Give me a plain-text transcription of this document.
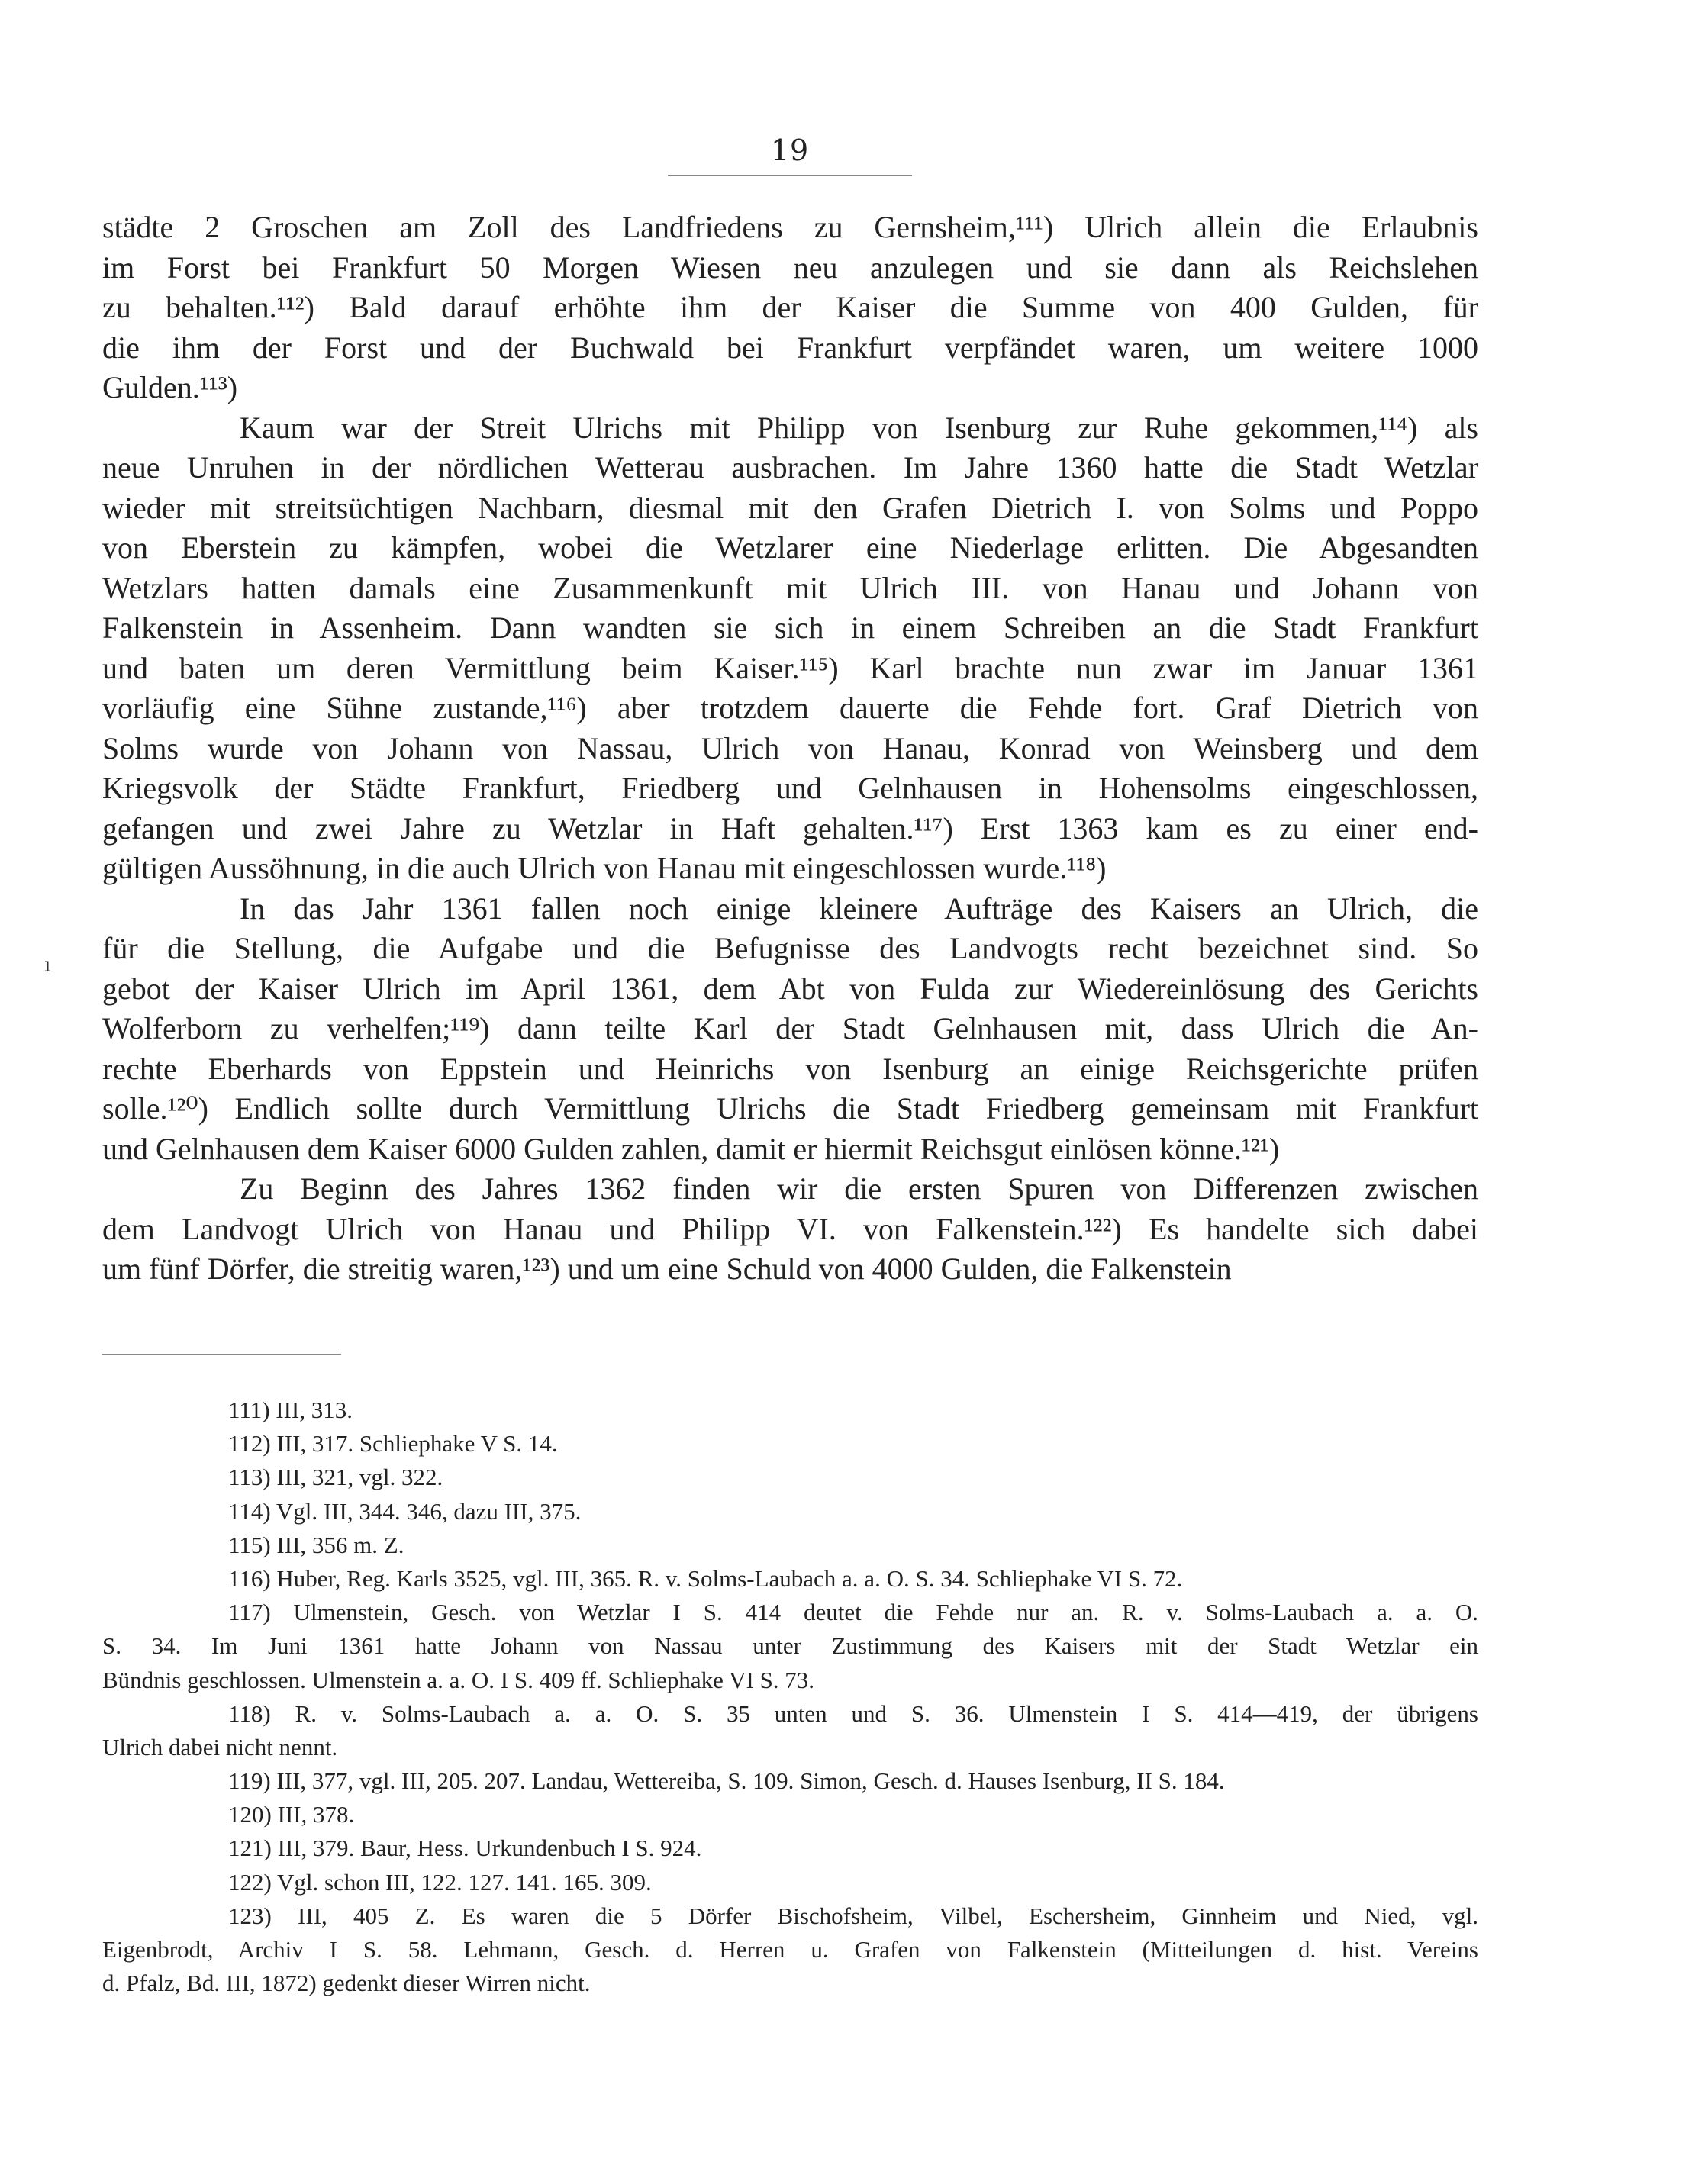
19
ı
städte 2 Groschen am Zoll des Landfriedens zu Gernsheim,¹¹¹) Ulrich allein die Erlaubnis
im Forst bei Frankfurt 50 Morgen Wiesen neu anzulegen und sie dann als Reichslehen
zu behalten.¹¹²) Bald darauf erhöhte ihm der Kaiser die Summe von 400 Gulden, für
die ihm der Forst und der Buchwald bei Frankfurt verpfändet waren, um weitere 1000
Gulden.¹¹³)
Kaum war der Streit Ulrichs mit Philipp von Isenburg zur Ruhe gekommen,¹¹⁴) als
neue Unruhen in der nördlichen Wetterau ausbrachen. Im Jahre 1360 hatte die Stadt Wetzlar
wieder mit streitsüchtigen Nachbarn, diesmal mit den Grafen Dietrich I. von Solms und Poppo
von Eberstein zu kämpfen, wobei die Wetzlarer eine Niederlage erlitten. Die Abgesandten
Wetzlars hatten damals eine Zusammenkunft mit Ulrich III. von Hanau und Johann von
Falkenstein in Assenheim. Dann wandten sie sich in einem Schreiben an die Stadt Frankfurt
und baten um deren Vermittlung beim Kaiser.¹¹⁵) Karl brachte nun zwar im Januar 1361
vorläufig eine Sühne zustande,¹¹⁶) aber trotzdem dauerte die Fehde fort. Graf Dietrich von
Solms wurde von Johann von Nassau, Ulrich von Hanau, Konrad von Weinsberg und dem
Kriegsvolk der Städte Frankfurt, Friedberg und Gelnhausen in Hohensolms eingeschlossen,
gefangen und zwei Jahre zu Wetzlar in Haft gehalten.¹¹⁷) Erst 1363 kam es zu einer end-
gültigen Aussöhnung, in die auch Ulrich von Hanau mit eingeschlossen wurde.¹¹⁸)
In das Jahr 1361 fallen noch einige kleinere Aufträge des Kaisers an Ulrich, die
für die Stellung, die Aufgabe und die Befugnisse des Landvogts recht bezeichnet sind. So
gebot der Kaiser Ulrich im April 1361, dem Abt von Fulda zur Wiedereinlösung des Gerichts
Wolferborn zu verhelfen;¹¹⁹) dann teilte Karl der Stadt Gelnhausen mit, dass Ulrich die An-
rechte Eberhards von Eppstein und Heinrichs von Isenburg an einige Reichsgerichte prüfen
solle.¹²⁰) Endlich sollte durch Vermittlung Ulrichs die Stadt Friedberg gemeinsam mit Frankfurt
und Gelnhausen dem Kaiser 6000 Gulden zahlen, damit er hiermit Reichsgut einlösen könne.¹²¹)
Zu Beginn des Jahres 1362 finden wir die ersten Spuren von Differenzen zwischen
dem Landvogt Ulrich von Hanau und Philipp VI. von Falkenstein.¹²²) Es handelte sich dabei
um fünf Dörfer, die streitig waren,¹²³) und um eine Schuld von 4000 Gulden, die Falkenstein
111) III, 313.
112) III, 317. Schliephake V S. 14.
113) III, 321, vgl. 322.
114) Vgl. III, 344. 346, dazu III, 375.
115) III, 356 m. Z.
116) Huber, Reg. Karls 3525, vgl. III, 365. R. v. Solms-Laubach a. a. O. S. 34. Schliephake VI S. 72.
117) Ulmenstein, Gesch. von Wetzlar I S. 414 deutet die Fehde nur an. R. v. Solms-Laubach a. a. O.
S. 34. Im Juni 1361 hatte Johann von Nassau unter Zustimmung des Kaisers mit der Stadt Wetzlar ein
Bündnis geschlossen. Ulmenstein a. a. O. I S. 409 ff. Schliephake VI S. 73.
118) R. v. Solms-Laubach a. a. O. S. 35 unten und S. 36. Ulmenstein I S. 414—419, der übrigens
Ulrich dabei nicht nennt.
119) III, 377, vgl. III, 205. 207. Landau, Wettereiba, S. 109. Simon, Gesch. d. Hauses Isenburg, II S. 184.
120) III, 378.
121) III, 379. Baur, Hess. Urkundenbuch I S. 924.
122) Vgl. schon III, 122. 127. 141. 165. 309.
123) III, 405 Z. Es waren die 5 Dörfer Bischofsheim, Vilbel, Eschersheim, Ginnheim und Nied, vgl.
Eigenbrodt, Archiv I S. 58. Lehmann, Gesch. d. Herren u. Grafen von Falkenstein (Mitteilungen d. hist. Vereins
d. Pfalz, Bd. III, 1872) gedenkt dieser Wirren nicht.
